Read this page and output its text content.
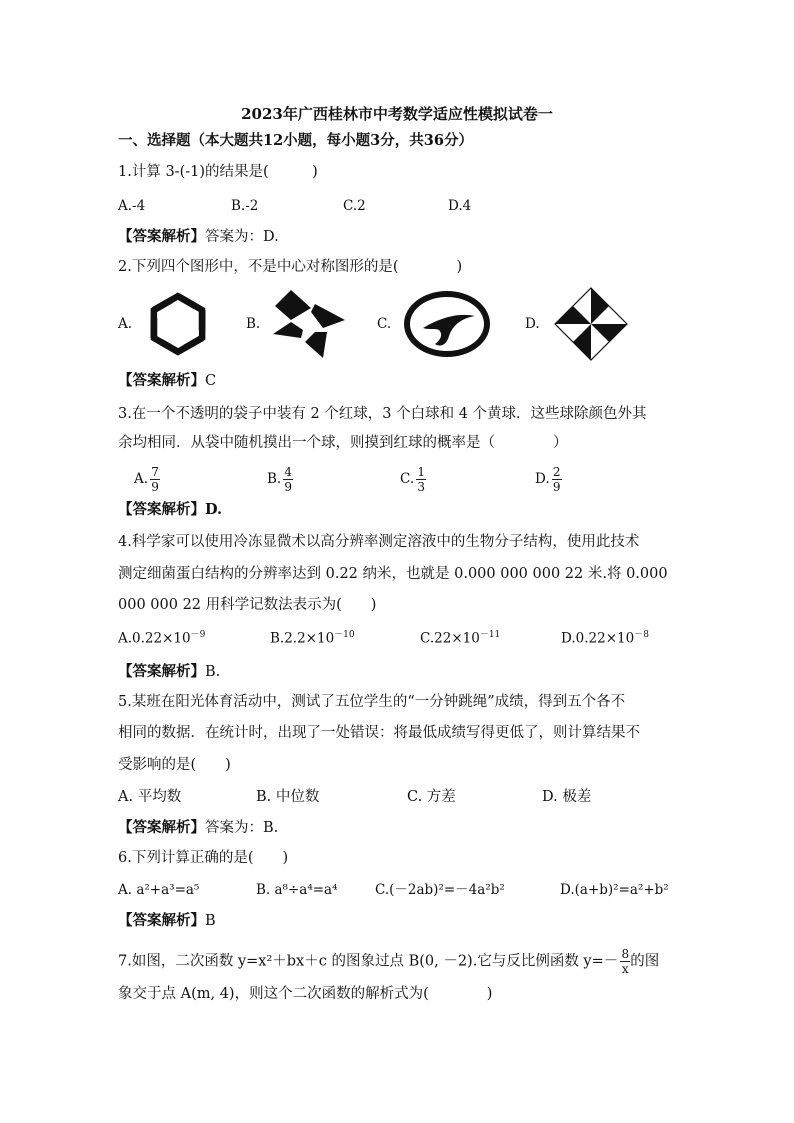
2023年广西桂林市中考数学适应性模拟试卷一
一、选择题（本大题共12小题，每小题3分，共36分）
1.计算 3-(-1)的结果是(　　　)
A.-4	B.-2	C.2	D.4
【答案解析】答案为：D.
2.下列四个图形中，不是中心对称图形的是(　　　　)
A.	B.	C.	D.
【答案解析】C
3.在一个不透明的袋子中装有 2 个红球，3 个白球和 4 个黄球．这些球除颜色外其
余均相同．从袋中随机摸出一个球，则摸到红球的概率是（　　　　）
A. $\frac{7}{9}$	B. $\frac{4}{9}$	C. $\frac{1}{3}$	D. $\frac{2}{9}$
【答案解析】D.
4.科学家可以使用冷冻显微术以高分辨率测定溶液中的生物分子结构，使用此技术
测定细菌蛋白结构的分辨率达到 0.22 纳米，也就是 0.000 000 000 22 米.将 0.000
000 000 22 用科学记数法表示为(　　)
$A.0.22\times 10^{-9}$	$B.2.2\times 10^{-10}$	$C.22\times 10^{-11}$	$D.0.22\times 10^{-8}$
【答案解析】B.
5.某班在阳光体育活动中，测试了五位学生的“一分钟跳绳”成绩，得到五个各不
相同的数据．在统计时，出现了一处错误：将最低成绩写得更低了，则计算结果不
受影响的是(　　)
A. 平均数	B. 中位数	C. 方差	D. 极差
【答案解析】答案为：B.
6.下列计算正确的是(　　)
A. a²+a³=a⁵	B. a⁸÷a⁴=a⁴	C.(－2ab)²=－4a²b²	D.(a+b)²=a²+b²
【答案解析】B
7.如图，二次函数 y=x²＋bx＋c 的图象过点 B(0, －2).它与反比例函数 $y=- \frac{8}{x}$ 的图
象交于点 A(m, 4)，则这个二次函数的解析式为(　　　　)
